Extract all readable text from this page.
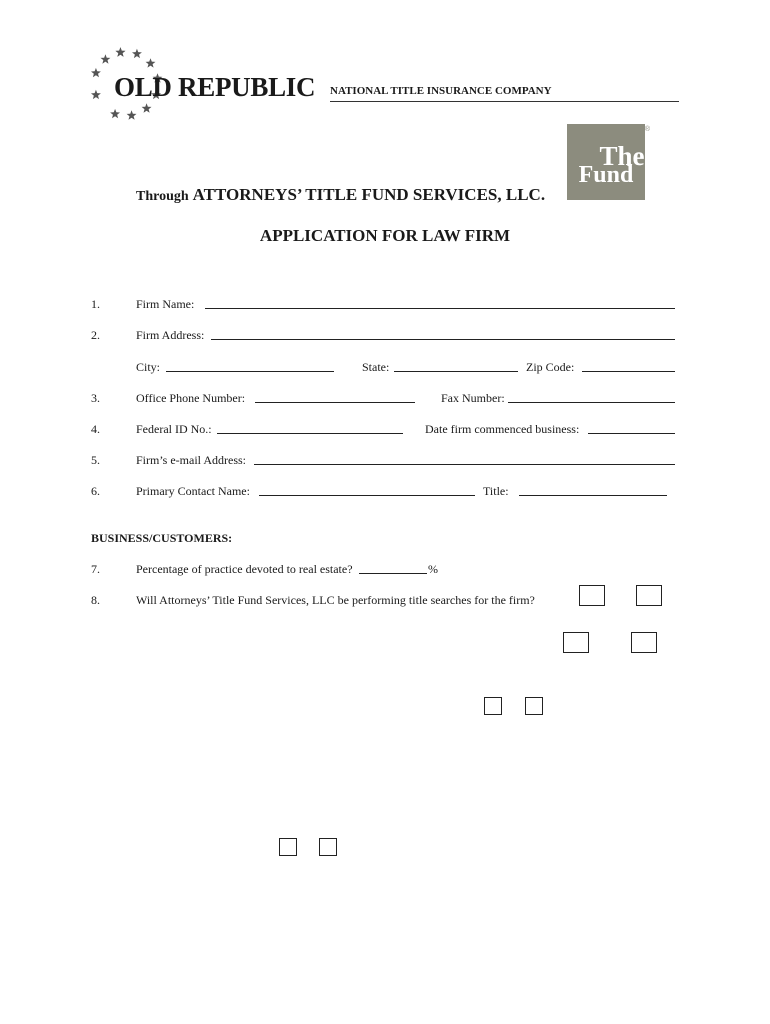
OLD REPUBLIC NATIONAL TITLE INSURANCE COMPANY
The
Fund
®
Through ATTORNEYS’ TITLE FUND SERVICES, LLC.
APPLICATION FOR LAW FIRM
1.	Firm Name:
2.	Firm Address:
City:	State:	Zip Code:
3.	Office Phone Number:	Fax Number:
4.	Federal ID No.:	Date firm commenced business:
5.	Firm’s e-mail Address:
6.	Primary Contact Name:	Title:
BUSINESS/CUSTOMERS:
7.	Percentage of practice devoted to real estate?	%
8.	Will Attorneys’ Title Fund Services, LLC be performing title searches for the firm?
